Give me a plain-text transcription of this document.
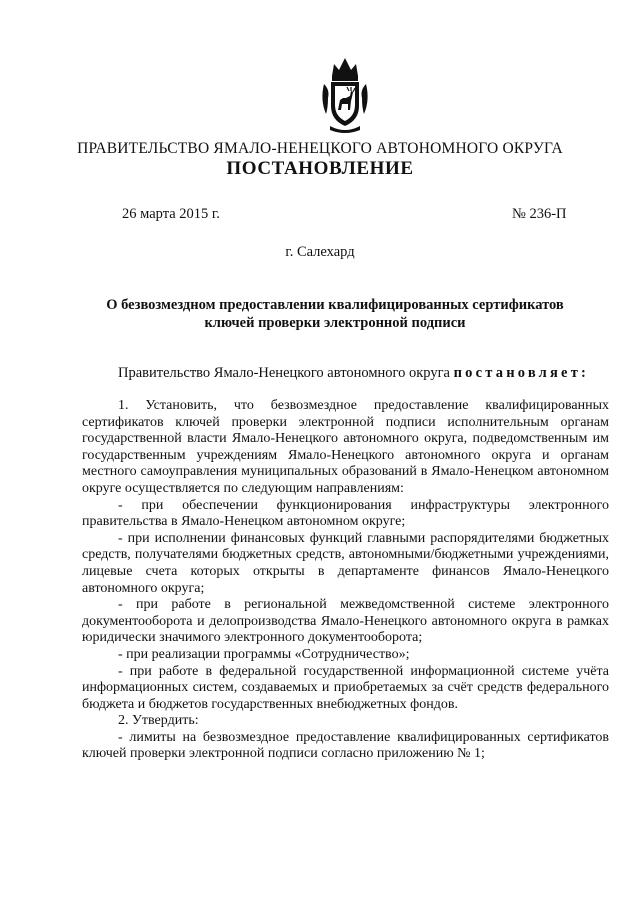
ПРАВИТЕЛЬСТВО ЯМАЛО-НЕНЕЦКОГО АВТОНОМНОГО ОКРУГА
ПОСТАНОВЛЕНИЕ
26 марта 2015 г.	№ 236-П
г. Салехард
О безвозмездном предоставлении квалифицированных сертификатов
ключей проверки электронной подписи
Правительство Ямало-Ненецкого автономного округа постановляет:

1. Установить, что безвозмездное предоставление квалифицированных сертификатов ключей проверки электронной подписи исполнительным органам государственной власти Ямало-Ненецкого автономного округа, подведомственным им государственным учреждениям Ямало-Ненецкого автономного округа и органам местного самоуправления муниципальных образований в Ямало-Ненецком автономном округе осуществляется по следующим направлениям:

- при обеспечении функционирования инфраструктуры электронного правительства в Ямало-Ненецком автономном округе;

- при исполнении финансовых функций главными распорядителями бюджетных средств, получателями бюджетных средств, автономными/бюджетными учреждениями, лицевые счета которых открыты в департаменте финансов Ямало-Ненецкого автономного округа;

- при работе в региональной межведомственной системе электронного документооборота и делопроизводства Ямало-Ненецкого автономного округа в рамках юридически значимого электронного документооборота;

- при реализации программы «Сотрудничество»;

- при работе в федеральной государственной информационной системе учёта информационных систем, создаваемых и приобретаемых за счёт средств федерального бюджета и бюджетов государственных внебюджетных фондов.

2. Утвердить:

- лимиты на безвозмездное предоставление квалифицированных сертификатов ключей проверки электронной подписи согласно приложению № 1;
